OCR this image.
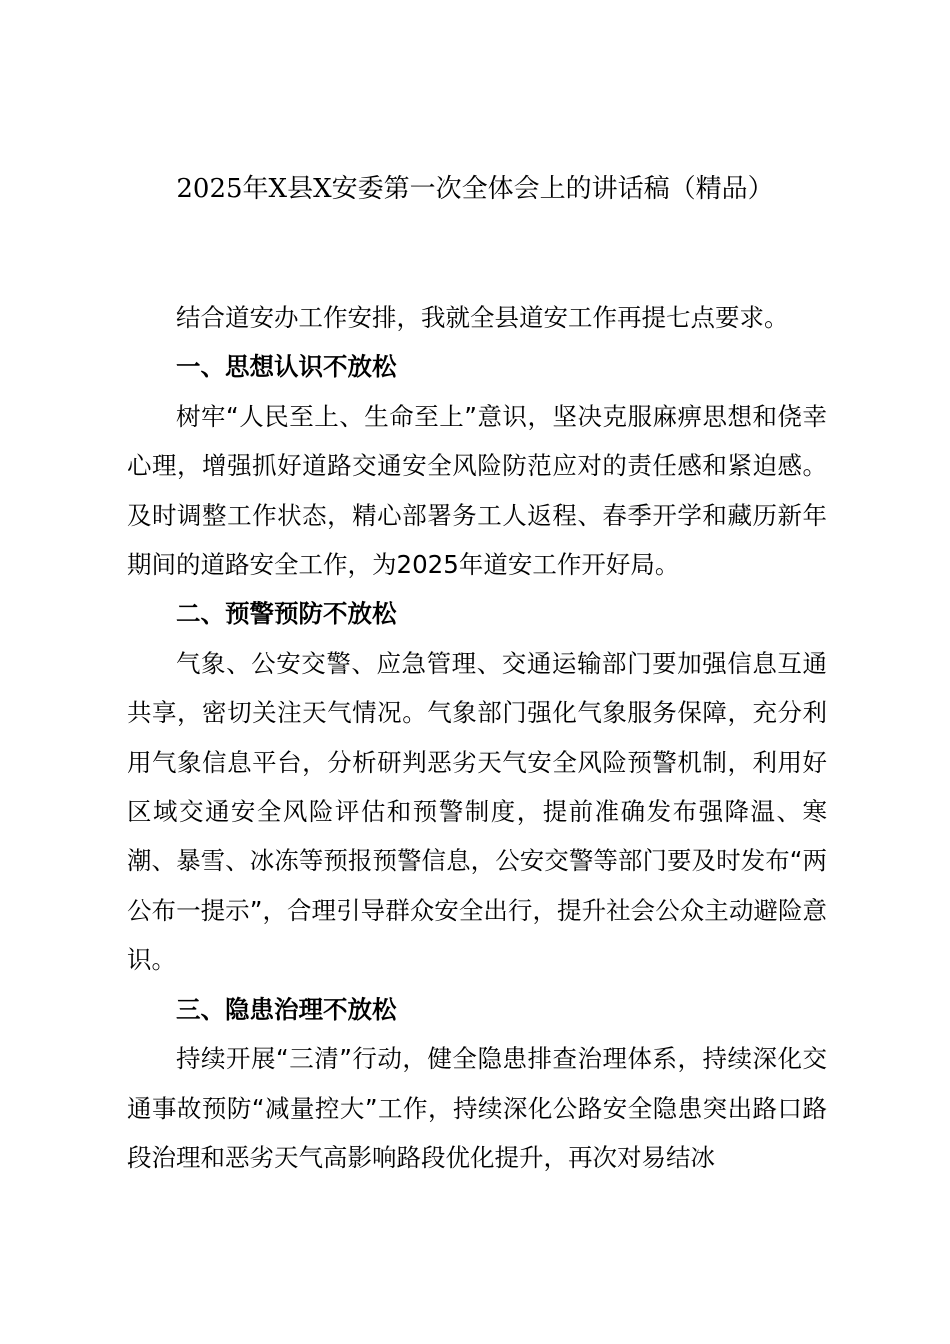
2025年X县X安委第一次全体会上的讲话稿（精品）

结合道安办工作安排，我就全县道安工作再提七点要求。

一、思想认识不放松

树牢“人民至上、生命至上”意识，坚决克服麻痹思想和侥幸心理，增强抓好道路交通安全风险防范应对的责任感和紧迫感。及时调整工作状态，精心部署务工人返程、春季开学和藏历新年期间的道路安全工作，为2025年道安工作开好局。

二、预警预防不放松

气象、公安交警、应急管理、交通运输部门要加强信息互通共享，密切关注天气情况。气象部门强化气象服务保障，充分利用气象信息平台，分析研判恶劣天气安全风险预警机制，利用好区域交通安全风险评估和预警制度，提前准确发布强降温、寒潮、暴雪、冰冻等预报预警信息，公安交警等部门要及时发布“两公布一提示”，合理引导群众安全出行，提升社会公众主动避险意识。

三、隐患治理不放松

持续开展“三清”行动，健全隐患排查治理体系，持续深化交通事故预防“减量控大”工作，持续深化公路安全隐患突出路口路段治理和恶劣天气高影响路段优化提升，再次对易结冰
